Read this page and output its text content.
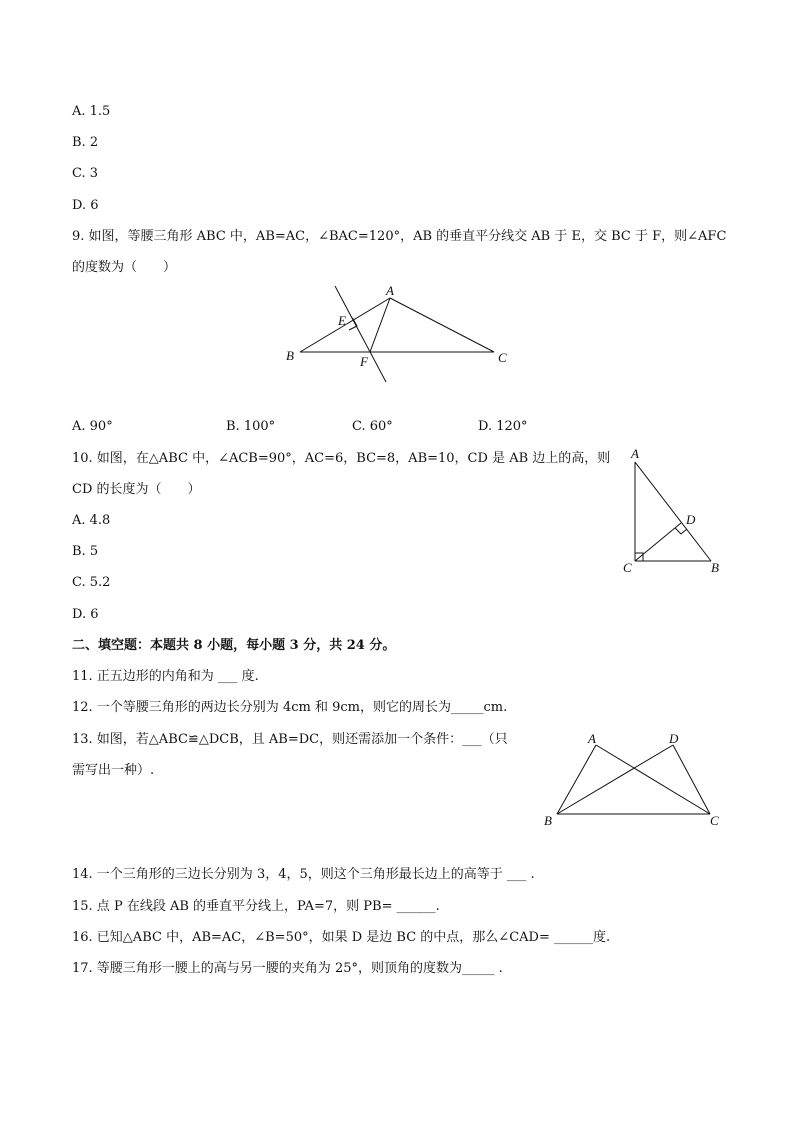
A. 1.5
B. 2
C. 3
D. 6
9. 如图，等腰三角形 ABC 中，AB=AC，∠BAC=120°，AB 的垂直平分线交 AB 于 E，交 BC 于 F，则∠AFC
的度数为（　　）
A
B	C
E
F
A. 90°	B. 100°	C. 60°	D. 120°
10. 如图，在△ABC 中，∠ACB=90°，AC=6，BC=8，AB=10，CD 是 AB 边上的高，则
CD 的长度为（　　）
A. 4.8
B. 5
C. 5.2
D. 6
A
C	B
D
二、填空题：本题共 8 小题，每小题 3 分，共 24 分。
11. 正五边形的内角和为 ___ 度.
12. 一个等腰三角形的两边长分别为 4cm 和 9cm，则它的周长为_____cm.
13. 如图，若△ABC≌△DCB，且 AB=DC，则还需添加一个条件：___（只
需写出一种）.
A	D
B	C
14. 一个三角形的三边长分别为 3，4，5，则这个三角形最长边上的高等于 ___ .
15. 点 P 在线段 AB 的垂直平分线上，PA=7，则 PB= ______.
16. 已知△ABC 中，AB=AC，∠B=50°，如果 D 是边 BC 的中点，那么∠CAD= ______度.
17. 等腰三角形一腰上的高与另一腰的夹角为 25°，则顶角的度数为_____ .
